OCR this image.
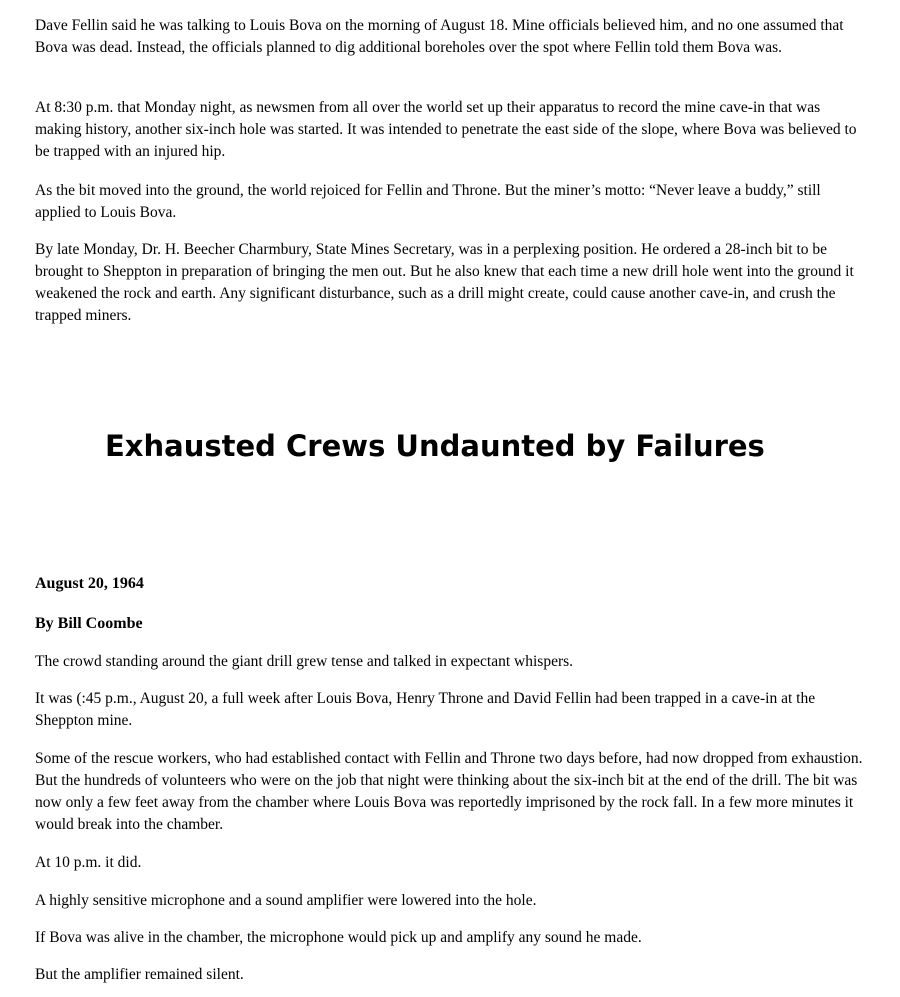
Dave Fellin said he was talking to Louis Bova on the morning of August 18. Mine officials believed him, and no one assumed that Bova was dead. Instead, the officials planned to dig additional boreholes over the spot where Fellin told them Bova was.

At 8:30 p.m. that Monday night, as newsmen from all over the world set up their apparatus to record the mine cave-in that was making history, another six-inch hole was started. It was intended to penetrate the east side of the slope, where Bova was believed to be trapped with an injured hip.

As the bit moved into the ground, the world rejoiced for Fellin and Throne. But the miner’s motto: “Never leave a buddy,” still applied to Louis Bova.

By late Monday, Dr. H. Beecher Charmbury, State Mines Secretary, was in a perplexing position. He ordered a 28-inch bit to be brought to Sheppton in preparation of bringing the men out. But he also knew that each time a new drill hole went into the ground it weakened the rock and earth. Any significant disturbance, such as a drill might create, could cause another cave-in, and crush the trapped miners.

Exhausted Crews Undaunted by Failures

August 20, 1964

By Bill Coombe

The crowd standing around the giant drill grew tense and talked in expectant whispers.

It was (:45 p.m., August 20, a full week after Louis Bova, Henry Throne and David Fellin had been trapped in a cave-in at the Sheppton mine.

Some of the rescue workers, who had established contact with Fellin and Throne two days before, had now dropped from exhaustion. But the hundreds of volunteers who were on the job that night were thinking about the six-inch bit at the end of the drill. The bit was now only a few feet away from the chamber where Louis Bova was reportedly imprisoned by the rock fall. In a few more minutes it would break into the chamber.

At 10 p.m. it did.

A highly sensitive microphone and a sound amplifier were lowered into the hole.

If Bova was alive in the chamber, the microphone would pick up and amplify any sound he made.

But the amplifier remained silent.
